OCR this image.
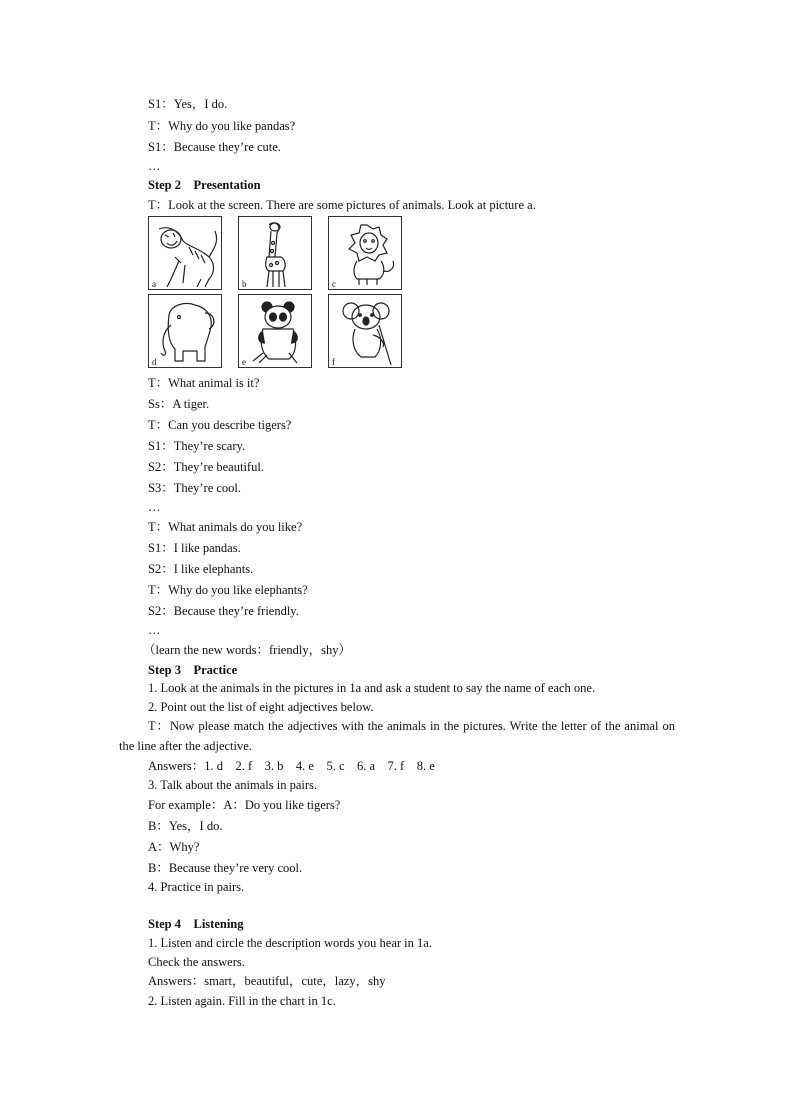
S1：Yes，I do.
T：Why do you like pandas?
S1：Because they’re cute.
…
Step 2　Presentation
T：Look at the screen. There are some pictures of animals. Look at picture a.
a	b	c
d	e	f
T：What animal is it?
Ss：A tiger.
T：Can you describe tigers?
S1：They’re scary.
S2：They’re beautiful.
S3：They’re cool.
…
T：What animals do you like?
S1：I like pandas.
S2：I like elephants.
T：Why do you like elephants?
S2：Because they’re friendly.
…
（learn the new words：friendly，shy）
Step 3　Practice
1. Look at the animals in the pictures in 1a and ask a student to say the name of each one.
2. Point out the list of eight adjectives below.
T：Now please match the adjectives with the animals in the pictures. Write the letter of the animal on the line after the adjective.
Answers：1. d　2. f　3. b　4. e　5. c　6. a　7. f　8. e
3. Talk about the animals in pairs.
For example：A：Do you like tigers?
B：Yes，I do.
A：Why?
B：Because they’re very cool.
4. Practice in pairs.
Step 4　Listening
1. Listen and circle the description words you hear in 1a.
Check the answers.
Answers：smart，beautiful，cute，lazy，shy
2. Listen again. Fill in the chart in 1c.
